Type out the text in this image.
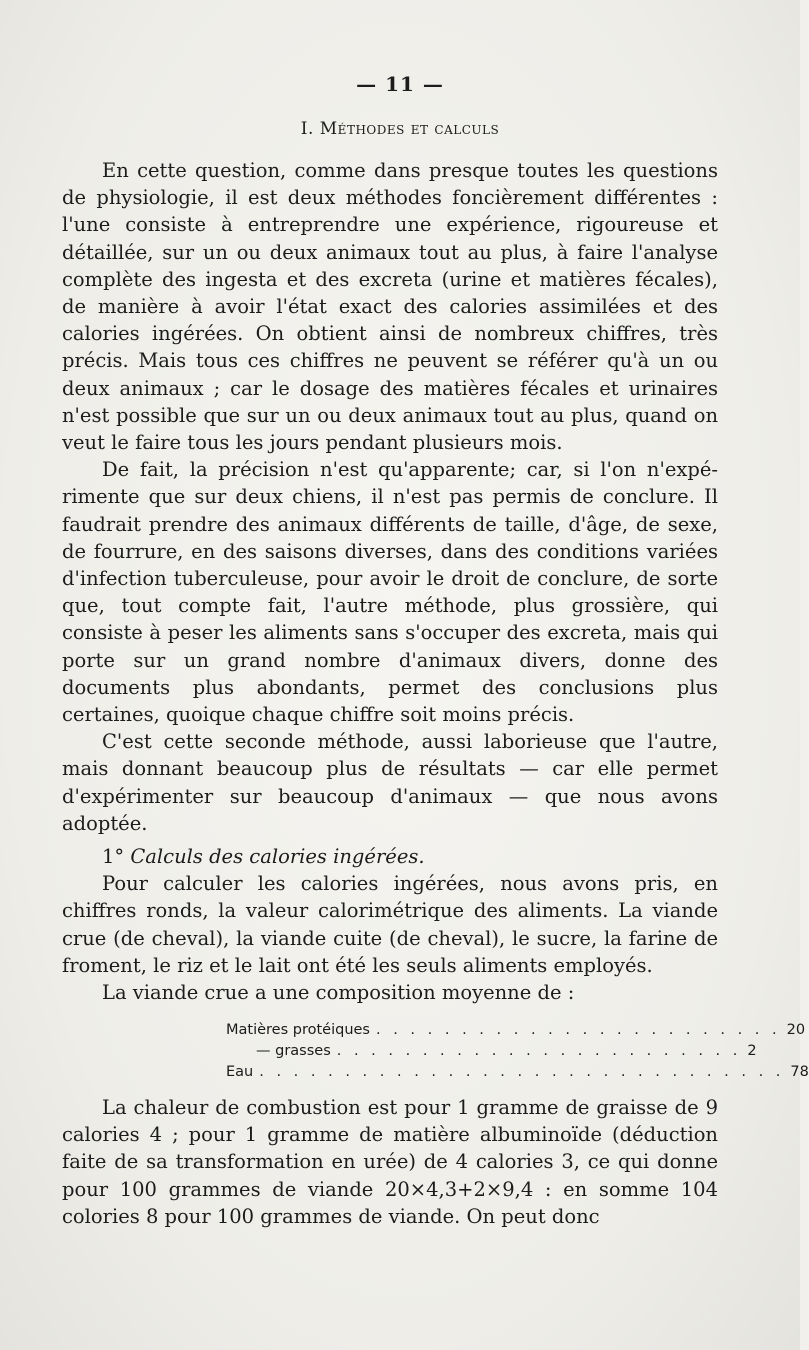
— 11 —
I. Méthodes et calculs

En cette question, comme dans presque toutes les questions de physiologie, il est deux méthodes foncièrement différentes : l'une consiste à entreprendre une expérience, rigoureuse et détaillée, sur un ou deux animaux tout au plus, à faire l'analyse complète des ingesta et des excreta (urine et matières fécales), de manière à avoir l'état exact des calories assimilées et des calories ingérées. On obtient ainsi de nombreux chiffres, très précis. Mais tous ces chiffres ne peuvent se référer qu'à un ou deux animaux ; car le dosage des matières fécales et urinaires n'est possible que sur un ou deux animaux tout au plus, quand on veut le faire tous les jours pendant plusieurs mois.

De fait, la précision n'est qu'apparente; car, si l'on n'expérimente que sur deux chiens, il n'est pas permis de conclure. Il faudrait prendre des animaux différents de taille, d'âge, de sexe, de fourrure, en des saisons diverses, dans des conditions variées d'infection tuberculeuse, pour avoir le droit de conclure, de sorte que, tout compte fait, l'autre méthode, plus grossière, qui consiste à peser les aliments sans s'occuper des excreta, mais qui porte sur un grand nombre d'animaux divers, donne des documents plus abondants, permet des conclusions plus certaines, quoique chaque chiffre soit moins précis.

C'est cette seconde méthode, aussi laborieuse que l'autre, mais donnant beaucoup plus de résultats — car elle permet d'expérimenter sur beaucoup d'animaux — que nous avons adoptée.

1° Calculs des calories ingérées.

Pour calculer les calories ingérées, nous avons pris, en chiffres ronds, la valeur calorimétrique des aliments. La viande crue (de cheval), la viande cuite (de cheval), le sucre, la farine de froment, le riz et le lait ont été les seuls aliments employés.

La viande crue a une composition moyenne de :

Matières protéiques . . . . . . . . . . . . . . . . . . . . . . . . 20
— grasses . . . . . . . . . . . . . . . . . . . . . . . . 2
Eau . . . . . . . . . . . . . . . . . . . . . . . . . . . . . . . 78

La chaleur de combustion est pour 1 gramme de graisse de 9 calories 4 ; pour 1 gramme de matière albuminoïde (déduction faite de sa transformation en urée) de 4 calories 3, ce qui donne pour 100 grammes de viande 20×4,3+2×9,4 : en somme 104 colories 8 pour 100 grammes de viande. On peut donc
